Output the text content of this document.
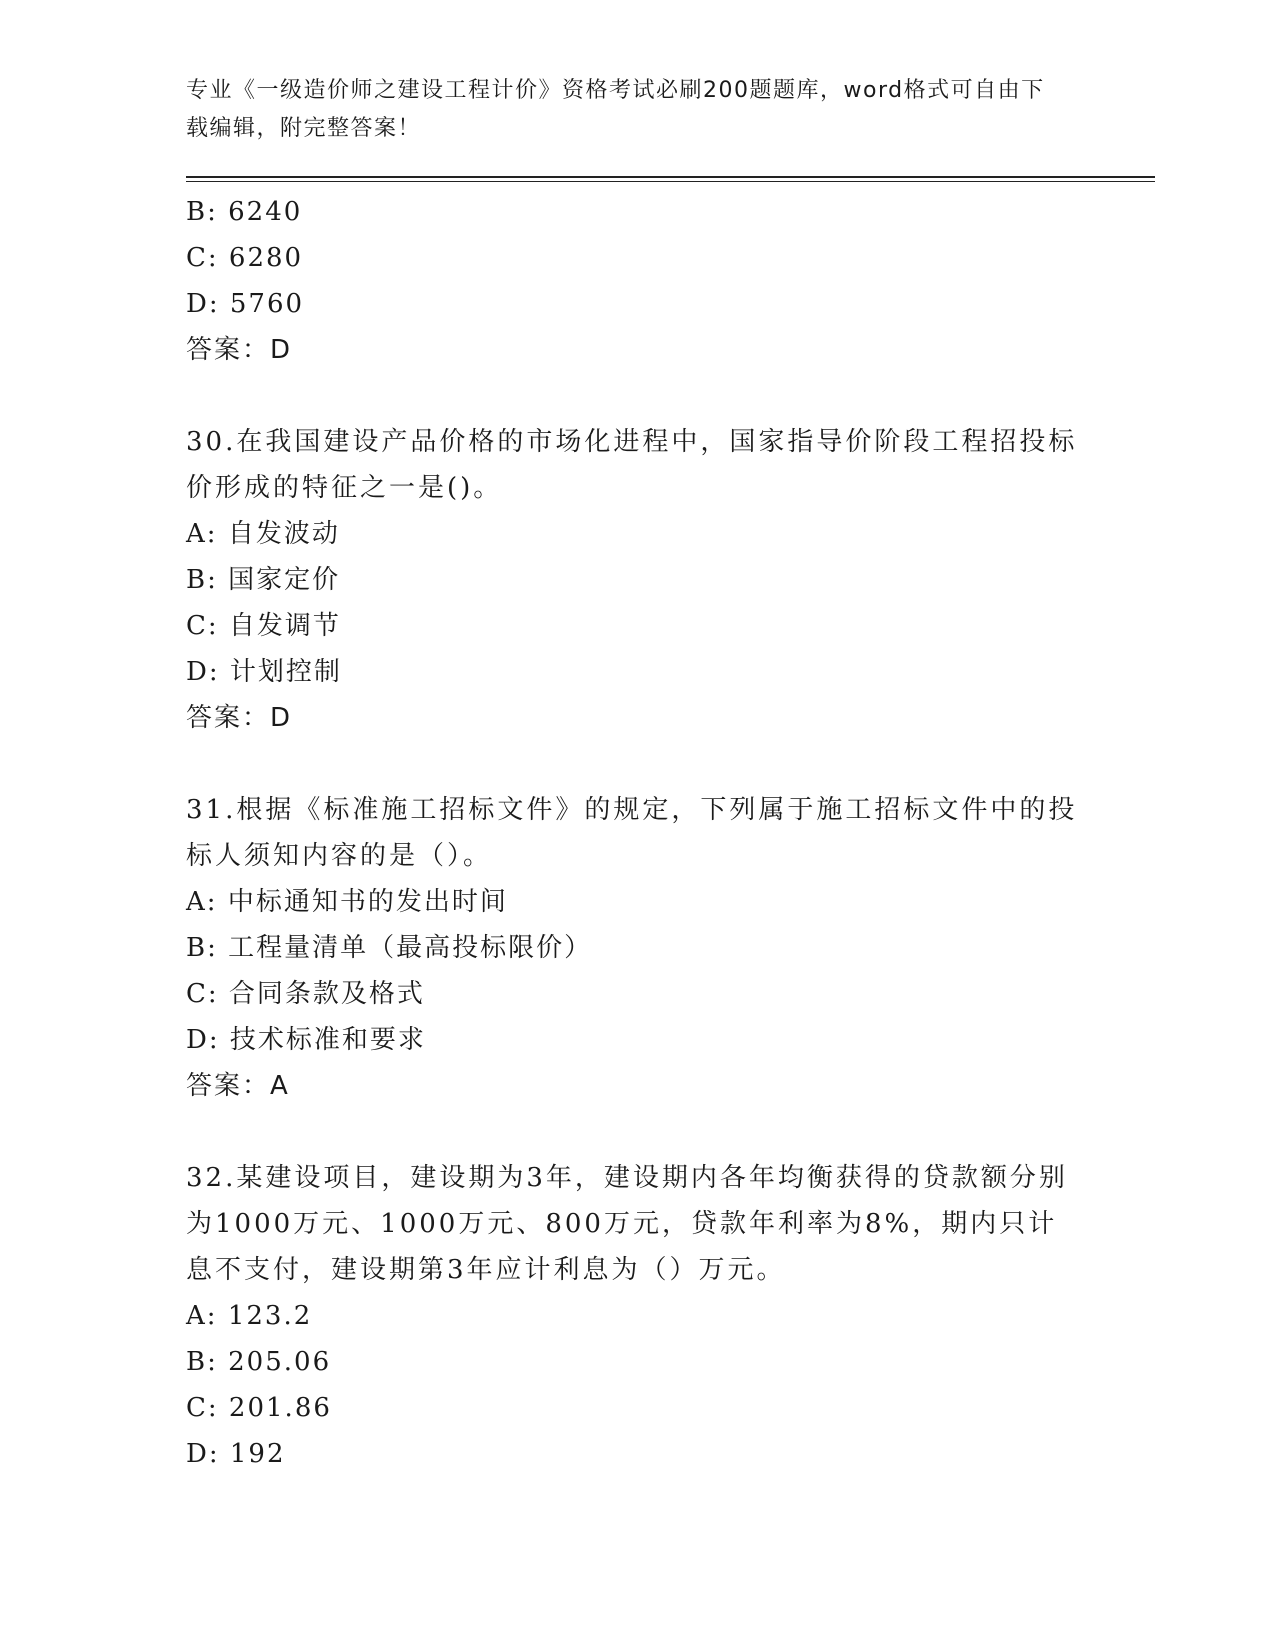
专业《一级造价师之建设工程计价》资格考试必刷200题题库，word格式可自由下载编辑，附完整答案！
B: 6240
C: 6280
D: 5760
答案：D
30.在我国建设产品价格的市场化进程中，国家指导价阶段工程招投标价形成的特征之一是()。
A: 自发波动
B: 国家定价
C: 自发调节
D: 计划控制
答案：D
31.根据《标准施工招标文件》的规定，下列属于施工招标文件中的投标人须知内容的是（）。
A: 中标通知书的发出时间
B: 工程量清单（最高投标限价）
C: 合同条款及格式
D: 技术标准和要求
答案：A
32.某建设项目，建设期为3年，建设期内各年均衡获得的贷款额分别为1000万元、1000万元、800万元，贷款年利率为8%，期内只计息不支付，建设期第3年应计利息为（）万元。
A: 123.2
B: 205.06
C: 201.86
D: 192
